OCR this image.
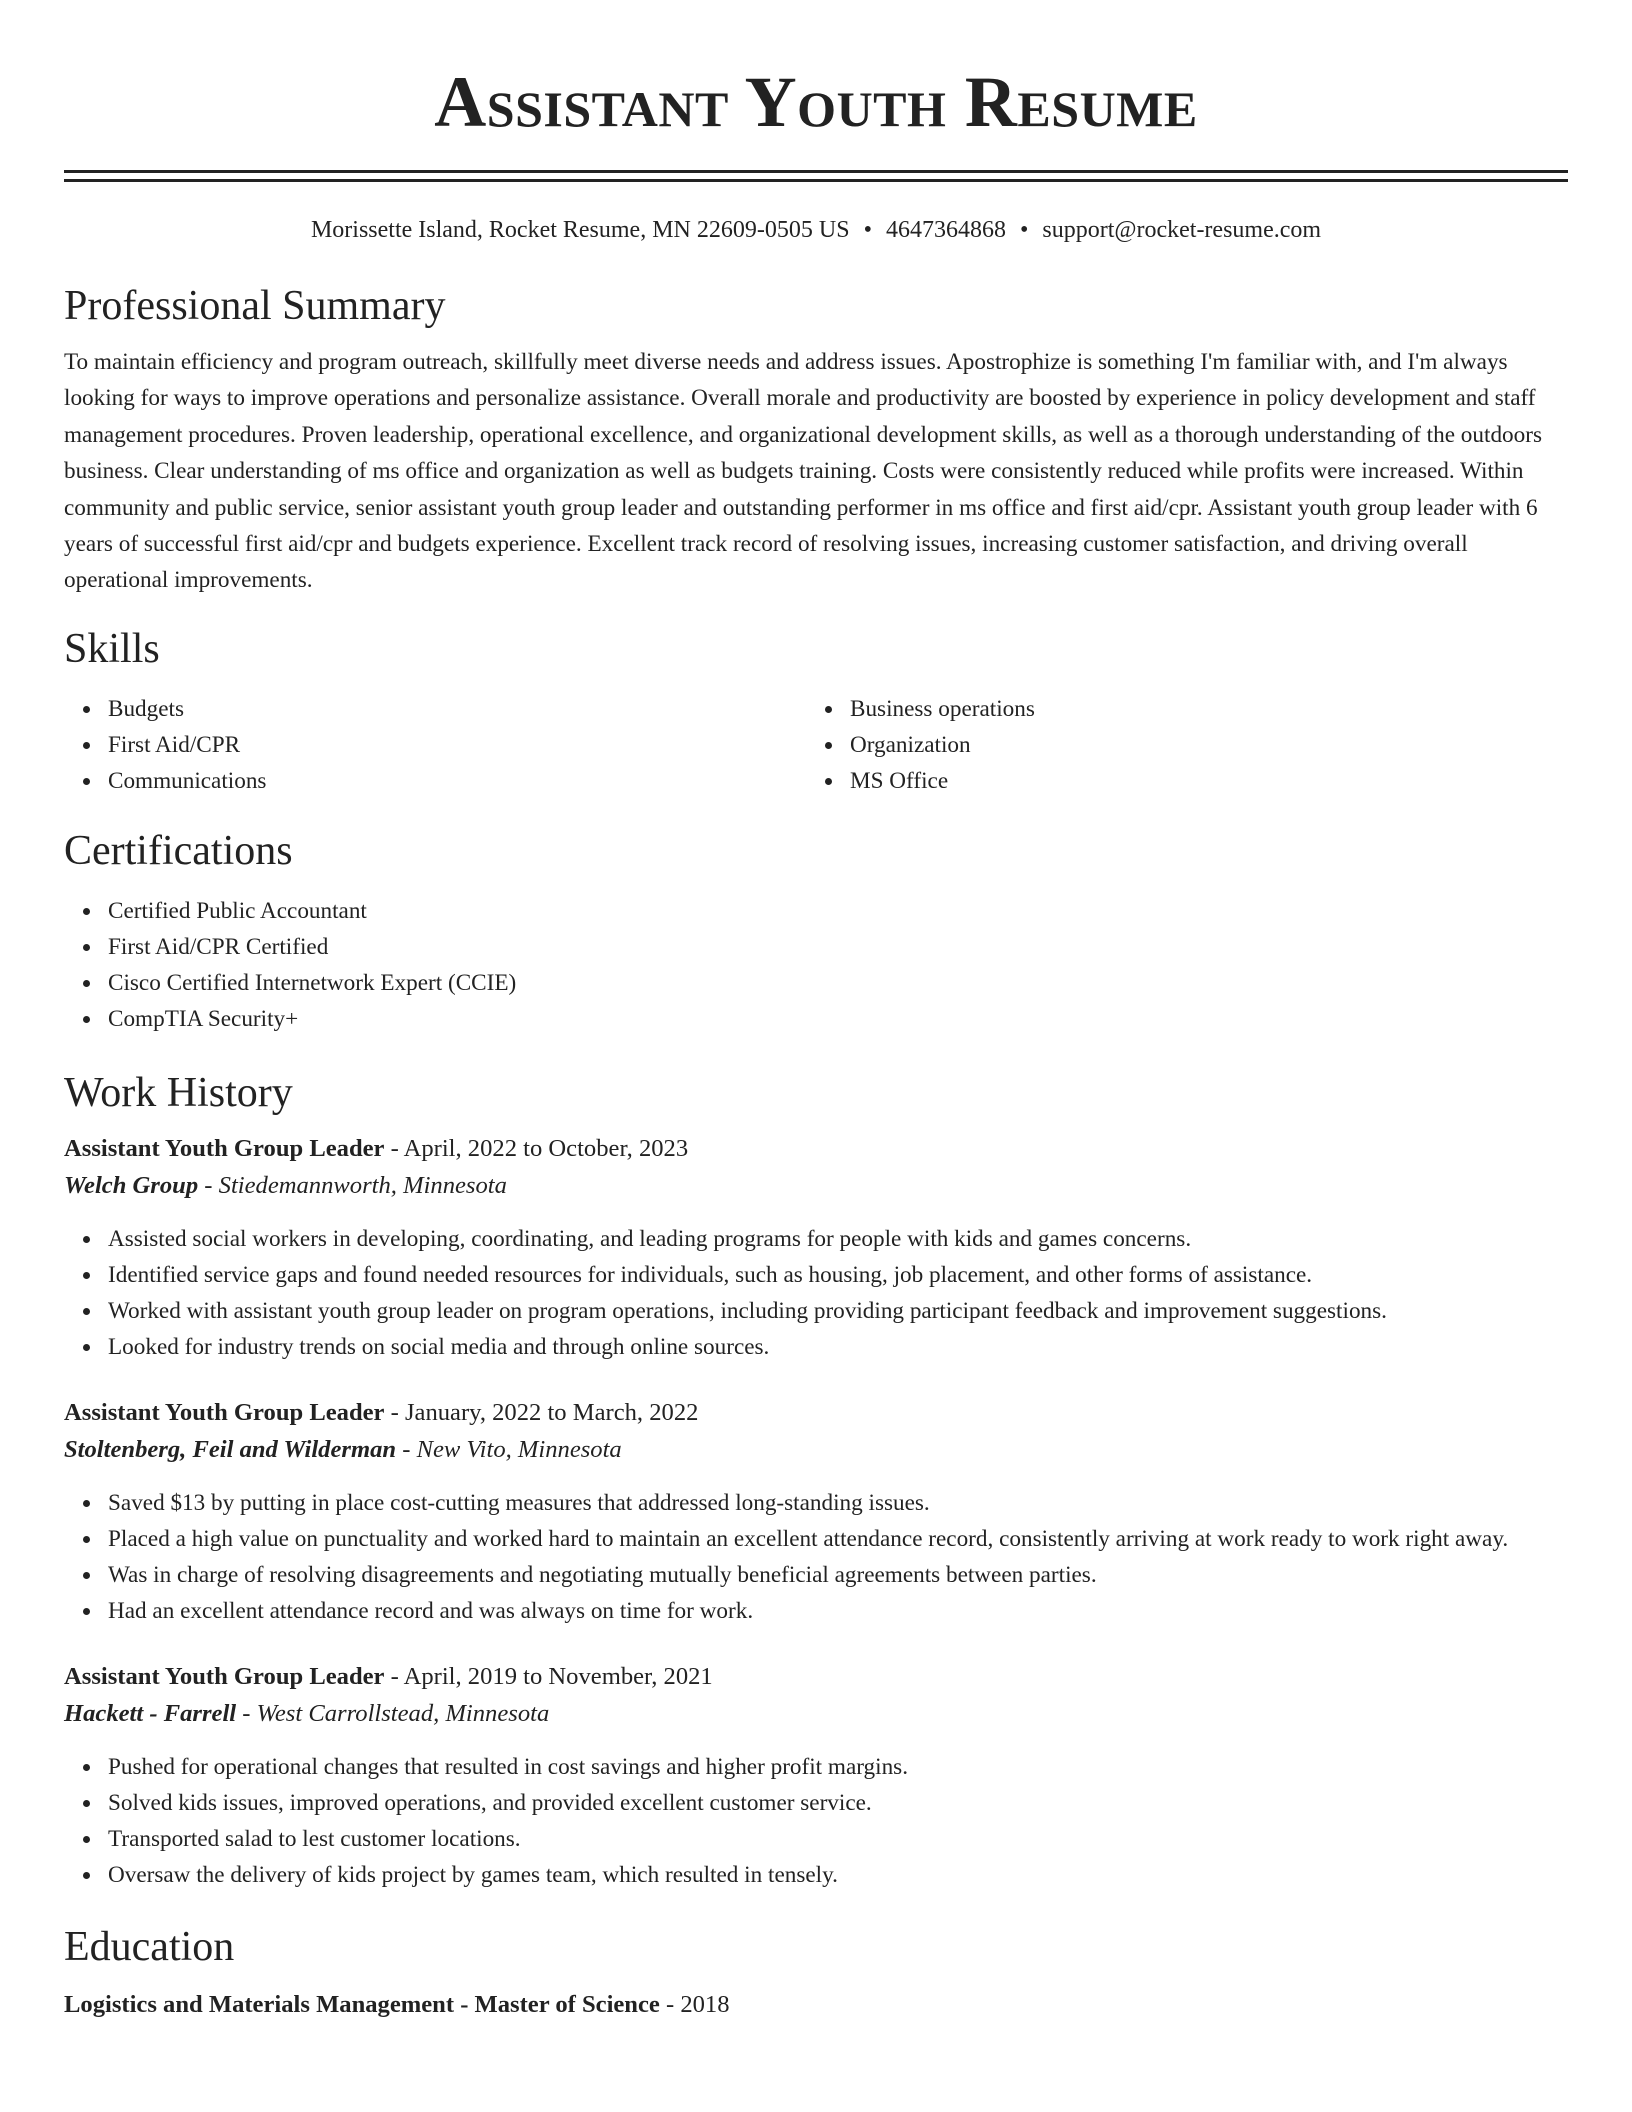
Assistant Youth Resume
Morissette Island, Rocket Resume, MN 22609-0505 US • 4647364868 • support@rocket-resume.com
Professional Summary

To maintain efficiency and program outreach, skillfully meet diverse needs and address issues. Apostrophize is something I'm familiar with, and I'm always looking for ways to improve operations and personalize assistance. Overall morale and productivity are boosted by experience in policy development and staff management procedures. Proven leadership, operational excellence, and organizational development skills, as well as a thorough understanding of the outdoors business. Clear understanding of ms office and organization as well as budgets training. Costs were consistently reduced while profits were increased. Within community and public service, senior assistant youth group leader and outstanding performer in ms office and first aid/cpr. Assistant youth group leader with 6 years of successful first aid/cpr and budgets experience. Excellent track record of resolving issues, increasing customer satisfaction, and driving overall operational improvements.

Skills
Budgets
First Aid/CPR
Communications
Business operations
Organization
MS Office
Certifications
Certified Public Accountant
First Aid/CPR Certified
Cisco Certified Internetwork Expert (CCIE)
CompTIA Security+
Work History

Assistant Youth Group Leader - April, 2022 to October, 2023

Welch Group - Stiedemannworth, Minnesota

Assisted social workers in developing, coordinating, and leading programs for people with kids and games concerns.
Identified service gaps and found needed resources for individuals, such as housing, job placement, and other forms of assistance.
Worked with assistant youth group leader on program operations, including providing participant feedback and improvement suggestions.
Looked for industry trends on social media and through online sources.

Assistant Youth Group Leader - January, 2022 to March, 2022

Stoltenberg, Feil and Wilderman - New Vito, Minnesota

Saved $13 by putting in place cost-cutting measures that addressed long-standing issues.
Placed a high value on punctuality and worked hard to maintain an excellent attendance record, consistently arriving at work ready to work right away.
Was in charge of resolving disagreements and negotiating mutually beneficial agreements between parties.
Had an excellent attendance record and was always on time for work.

Assistant Youth Group Leader - April, 2019 to November, 2021

Hackett - Farrell - West Carrollstead, Minnesota

Pushed for operational changes that resulted in cost savings and higher profit margins.
Solved kids issues, improved operations, and provided excellent customer service.
Transported salad to lest customer locations.
Oversaw the delivery of kids project by games team, which resulted in tensely.
Education

Logistics and Materials Management - Master of Science - 2018
